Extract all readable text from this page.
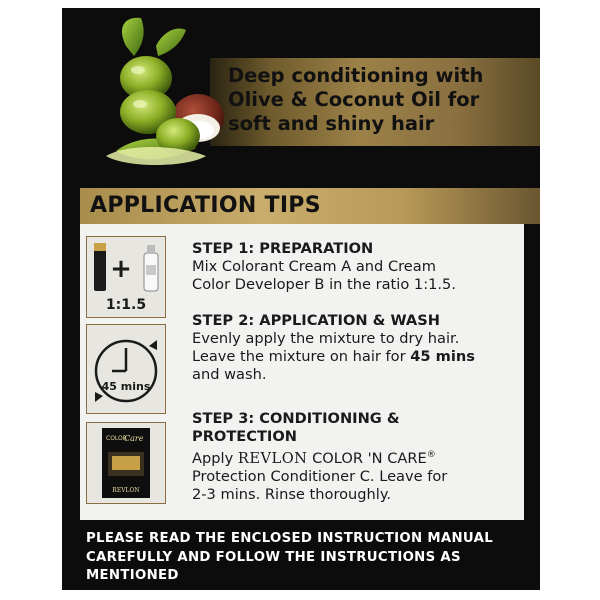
Deep conditioning with
Olive & Coconut Oil for
soft and shiny hair
APPLICATION TIPS
+
1:1.5
45 mins
COLOR
Care
REVLON
STEP 1: PREPARATION
Mix Colorant Cream A and Cream
Color Developer B in the ratio 1:1.5.
STEP 2: APPLICATION & WASH
Evenly apply the mixture to dry hair.
Leave the mixture on hair for 45 mins
and wash.
STEP 3: CONDITIONING &
PROTECTION
Apply REVLON COLOR 'N CARE®
Protection Conditioner C. Leave for
2-3 mins. Rinse thoroughly.
PLEASE READ THE ENCLOSED INSTRUCTION MANUAL
CAREFULLY AND FOLLOW THE INSTRUCTIONS AS
MENTIONED
